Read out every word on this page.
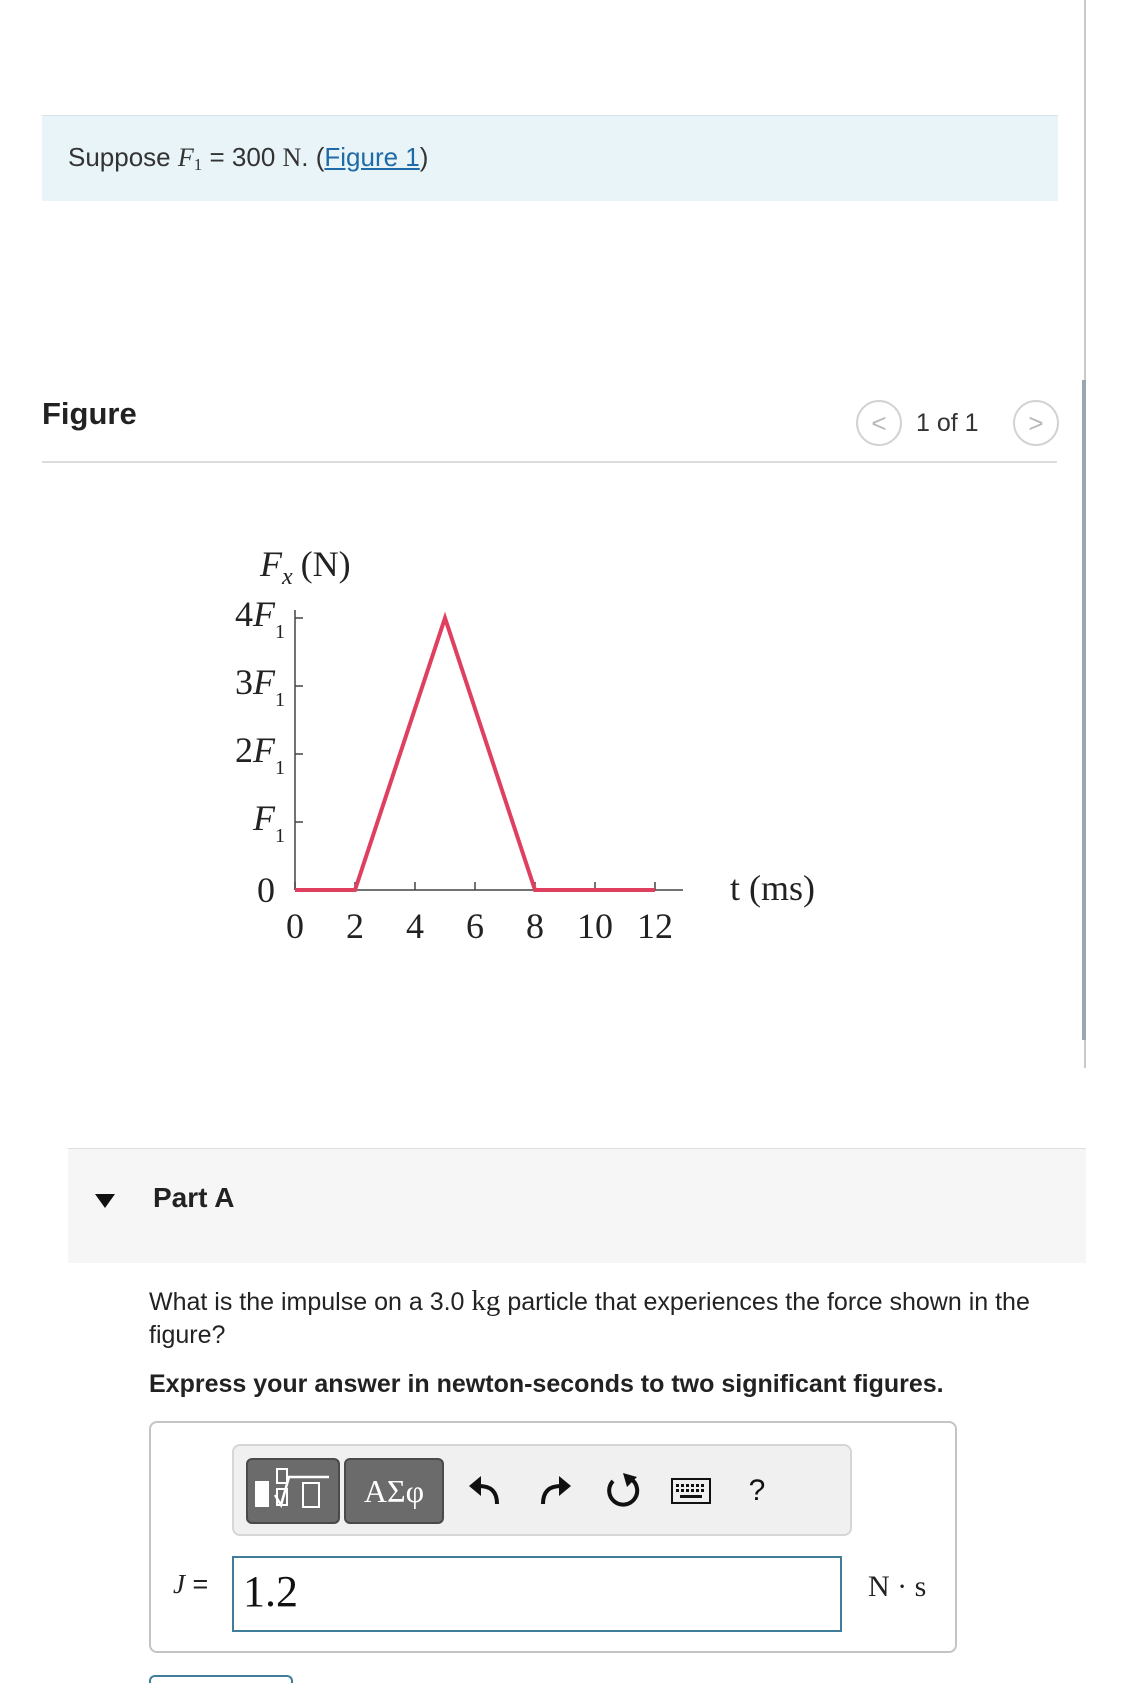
Suppose $F_1 = 300$ N. (Figure 1)
Figure	< 1 of 1 >
$F_x$ (N)
0
$F_1$
$2F_1$
$3F_1$
$4F_1$
0 2 4 6 8 10 12
t (ms)
Part A
What is the impulse on a 3.0 kg particle that experiences the force shown in the figure?
Express your answer in newton-seconds to two significant figures.
ΑΣφ	?
J = 1.2	N · s
